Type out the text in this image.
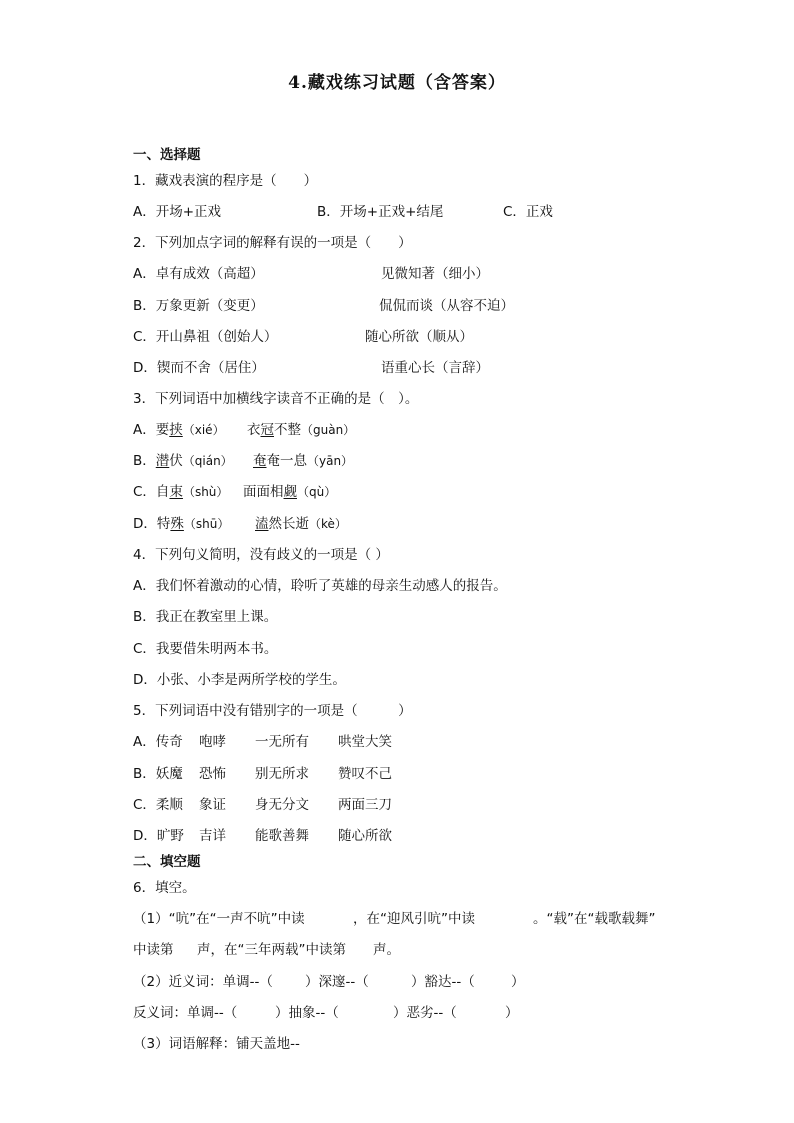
4.藏戏练习试题（含答案）
一、选择题
1．藏戏表演的程序是（　　）
A．开场+正戏	B．开场+正戏+结尾	C．正戏
2．下列加点字词的解释有误的一项是（　　）
A．卓有成效（高超）	见微知著（细小）
B．万象更新（变更）	侃侃而谈（从容不迫）
C．开山鼻祖（创始人）	随心所欲（顺从）
D．锲而不舍（居住）	语重心长（言辞）
3．下列词语中加横线字读音不正确的是（　）。
A．要挟（xié） 衣冠不整（guàn）
B．潜伏（qián） 奄奄一息（yān）
C．自束（shù） 面面相觑（qù）
D．特殊（shū） 溘然长逝（kè）
4．下列句义简明，没有歧义的一项是（ ）
A．我们怀着激动的心情，聆听了英雄的母亲生动感人的报告。
B．我正在教室里上课。
C．我要借朱明两本书。
D．小张、小李是两所学校的学生。
5．下列词语中没有错别字的一项是（　　　）
A．传奇 咆哮 一无所有 哄堂大笑
B．妖魔 恐怖 别无所求 赞叹不己
C．柔顺 象证 身无分文 两面三刀
D．旷野 吉详 能歌善舞 随心所欲
二、填空题
6．填空。
（1）“吭”在“一声不吭”中读	，在“迎风引吭”中读	。“载”在“载歌载舞”
中读第 声，在“三年两载”中读第 声。
（2）近义词：单调--（ ）深邃--（	）豁达--（	）
反义词：单调--（	）抽象--（	）恶劣--（	）
（3）词语解释：铺天盖地--
